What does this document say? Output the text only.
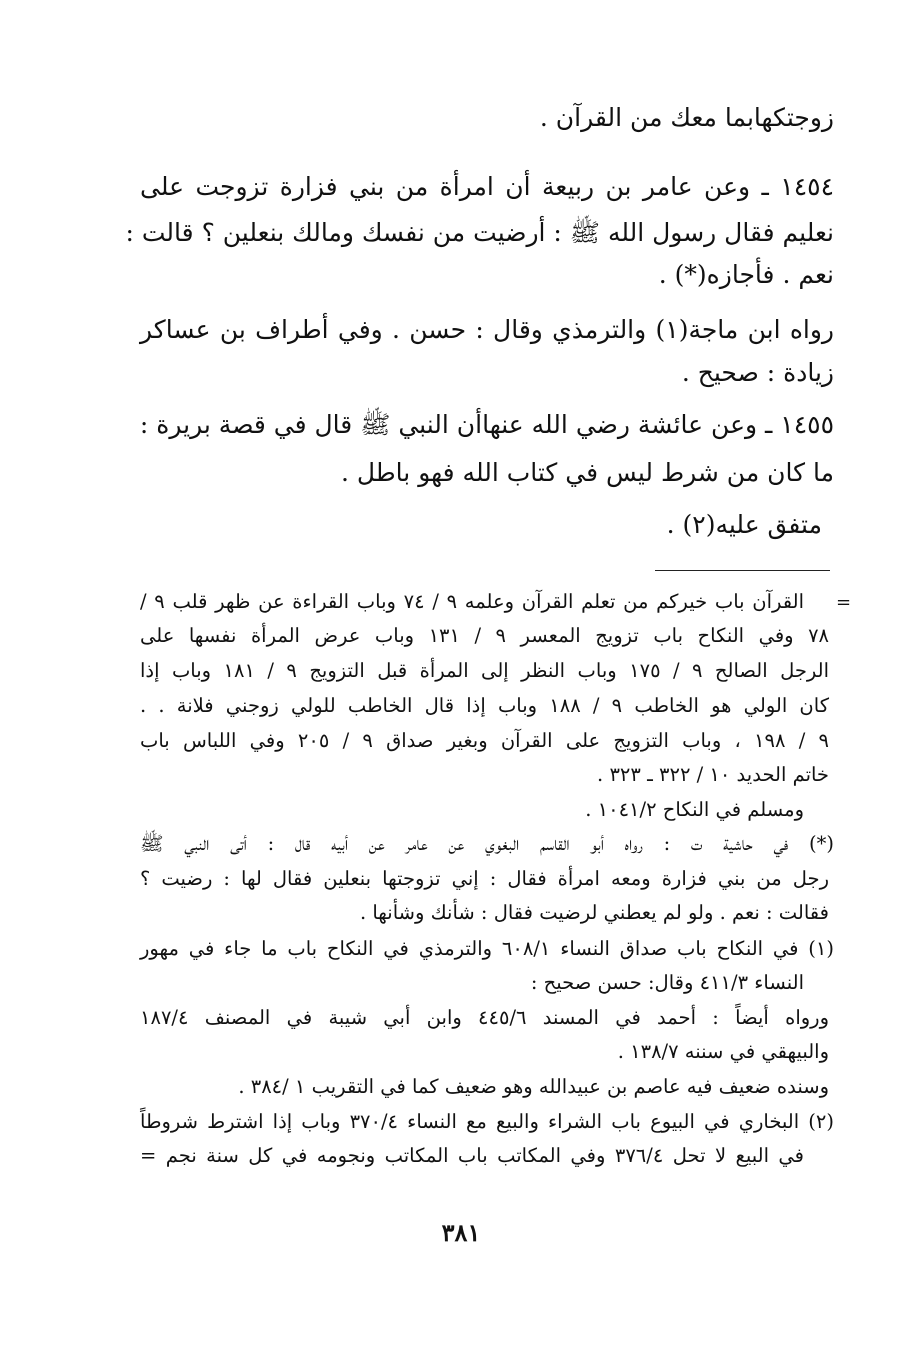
زوجتكهابما معك من القرآن .
١٤٥٤ ـ وعن عامر بن ربيعة أن امرأة من بني فزارة تزوجت على
نعليم فقال رسول الله ﷺ : أرضيت من نفسك ومالك بنعلين ؟ قالت :
نعم . فأجازه(*) .
رواه ابن ماجة(١) والترمذي وقال : حسن . وفي أطراف بن عساكر
زيادة : صحيح .
١٤٥٥ ـ وعن عائشة رضي الله عنهاأن النبي ﷺ قال في قصة بريرة :
ما كان من شرط ليس في كتاب الله فهو باطل .
متفق عليه(٢) .
=
القرآن باب خيركم من تعلم القرآن وعلمه ٩ / ٧٤ وباب القراءة عن ظهر قلب ٩ /
٧٨ وفي النكاح باب تزويج المعسر ٩ / ١٣١ وباب عرض المرأة نفسها على
الرجل الصالح ٩ / ١٧٥ وباب النظر إلى المرأة قبل التزويج ٩ / ١٨١ وباب إذا
كان الولي هو الخاطب ٩ / ١٨٨ وباب إذا قال الخاطب للولي زوجني فلانة . .
٩ / ١٩٨ ، وباب التزويج على القرآن وبغير صداق ٩ / ٢٠٥ وفي اللباس باب
خاتم الحديد ١٠ / ٣٢٢ ـ ٣٢٣ .
ومسلم في النكاح ١٠٤١/٢ .
(*) في حاشية ت : رواه أبو القاسم البغوي عن عامر عن أبيه قال : أتى النبي ﷺ
رجل من بني فزارة ومعه امرأة فقال : إني تزوجتها بنعلين فقال لها : رضيت ؟
فقالت : نعم . ولو لم يعطني لرضيت فقال : شأنك وشأنها .
(١) في النكاح باب صداق النساء ٦٠٨/١ والترمذي في النكاح باب ما جاء في مهور
النساء ٤١١/٣ وقال: حسن صحيح :
ورواه أيضاً : أحمد في المسند ٤٤٥/٦ وابن أبي شيبة في المصنف ١٨٧/٤
والبيهقي في سننه ١٣٨/٧ .
وسنده ضعيف فيه عاصم بن عبيدالله وهو ضعيف كما في التقريب ١ /٣٨٤ .
(٢) البخاري في البيوع باب الشراء والبيع مع النساء ٣٧٠/٤ وباب إذا اشترط شروطاً
في البيع لا تحل ٣٧٦/٤ وفي المكاتب باب المكاتب ونجومه في كل سنة نجم =
٣٨١
